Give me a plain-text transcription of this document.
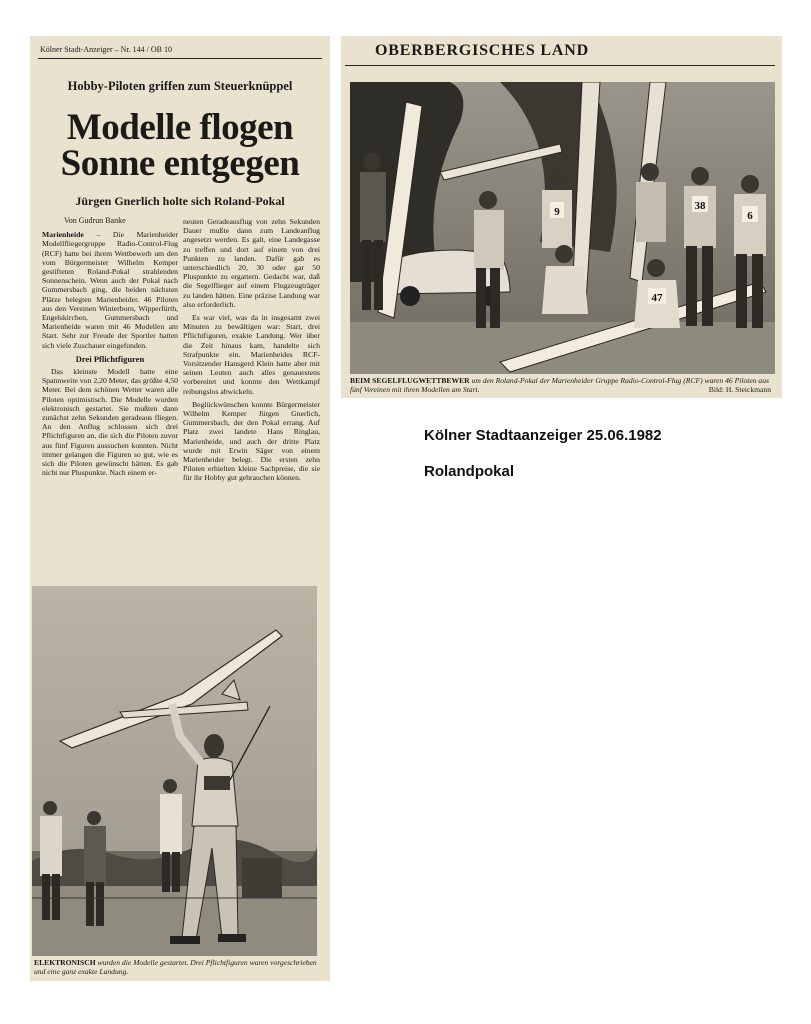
Kölner Stadt-Anzeiger – Nr. 144 / OB 10
Hobby-Piloten griffen zum Steuerknüppel
Modelle flogen
Sonne entgegen
Jürgen Gnerlich holte sich Roland-Pokal
Von Gudrun Banke

Marienheide – Die Marienheider Modellfliegergruppe Radio-Control-Flug (RCF) hatte bei ihrem Wettbewerb um den vom Bürgermeister Wilhelm Kemper gestifteten Roland-Pokal strahlenden Sonnenschein. Wenn auch der Pokal nach Gummersbach ging, die beiden nächsten Plätze belegten Marienheider. 46 Piloten aus den Vereinen Winterborn, Wipperfürth, Engelskirchen, Gummersbach und Marienheide waren mit 46 Modellen am Start. Sehr zur Freude der Sportler hatten sich viele Zuschauer eingefunden.

Drei Pflichtfiguren

Das kleinste Modell hatte eine Spannweite von 2,20 Meter, das größte 4,50 Meter. Bei dem schönen Wetter waren alle Piloten optimistisch. Die Modelle wurden elektronisch gestartet. Sie mußten dann zunächst zehn Sekunden geradeaus fliegen. An den Anflug schlossen sich drei Pflichtfiguren an, die sich die Piloten zuvor aus fünf Figuren aussuchen konnten. Nicht immer gelangen die Figuren so gut, wie es sich die Piloten gewünscht hätten. Es gab nicht nur Pluspunkte. Nach einem er-

neuten Geradeausflug von zehn Sekunden Dauer mußte dann zum Landeanflug angesetzt werden. Es galt, eine Landegasse zu treffen und dort auf einem von drei Punkten zu landen. Dafür gab es unterschiedlich 20, 30 oder gar 50 Pluspunkte zu ergattern. Gedacht war, daß die Segelflieger auf einem Flugzeugträger zu landen hätten. Eine präzise Landung war also erforderlich.

Es war viel, was da in insgesamt zwei Minuten zu bewältigen war: Start, drei Pflichtfiguren, exakte Landung. Wer über die Zeit hinaus kam, handelte sich Strafpunkte ein. Marienheides RCF-Vorsitzender Hansgerd Klein hatte aber mit seinen Leuten auch alles genauestens vorbereitet und konnte den Wettkampf reibungslos abwickeln.

Beglückwünschen konnte Bürgermeister Wilhelm Kemper Jürgen Gnerlich, Gummersbach, der den Pokal errang. Auf Platz zwei landete Hans Ringlau, Marienheide, und auch der dritte Platz wurde mit Erwin Säger von einem Marienheider belegt. Die ersten zehn Piloten erhielten kleine Sachpreise, die sie für ihr Hobby gut gebrauchen können.

ELEKTRONISCH wurden die Modelle gestartet. Drei Pflichtfiguren waren vorgeschrieben und eine ganz exakte Landung.
OBERBERGISCHES LAND
9	38
6
47
BEIM SEGELFLUGWETTBEWER um den Roland-Pokal der Marienheider Gruppe Radio-Control-Flug (RCF) waren 46 Piloten aus fünf Vereinen mit ihren Modellen am Start.	Bild: H. Steickmann
Kölner Stadtaanzeiger 25.06.1982
Rolandpokal
